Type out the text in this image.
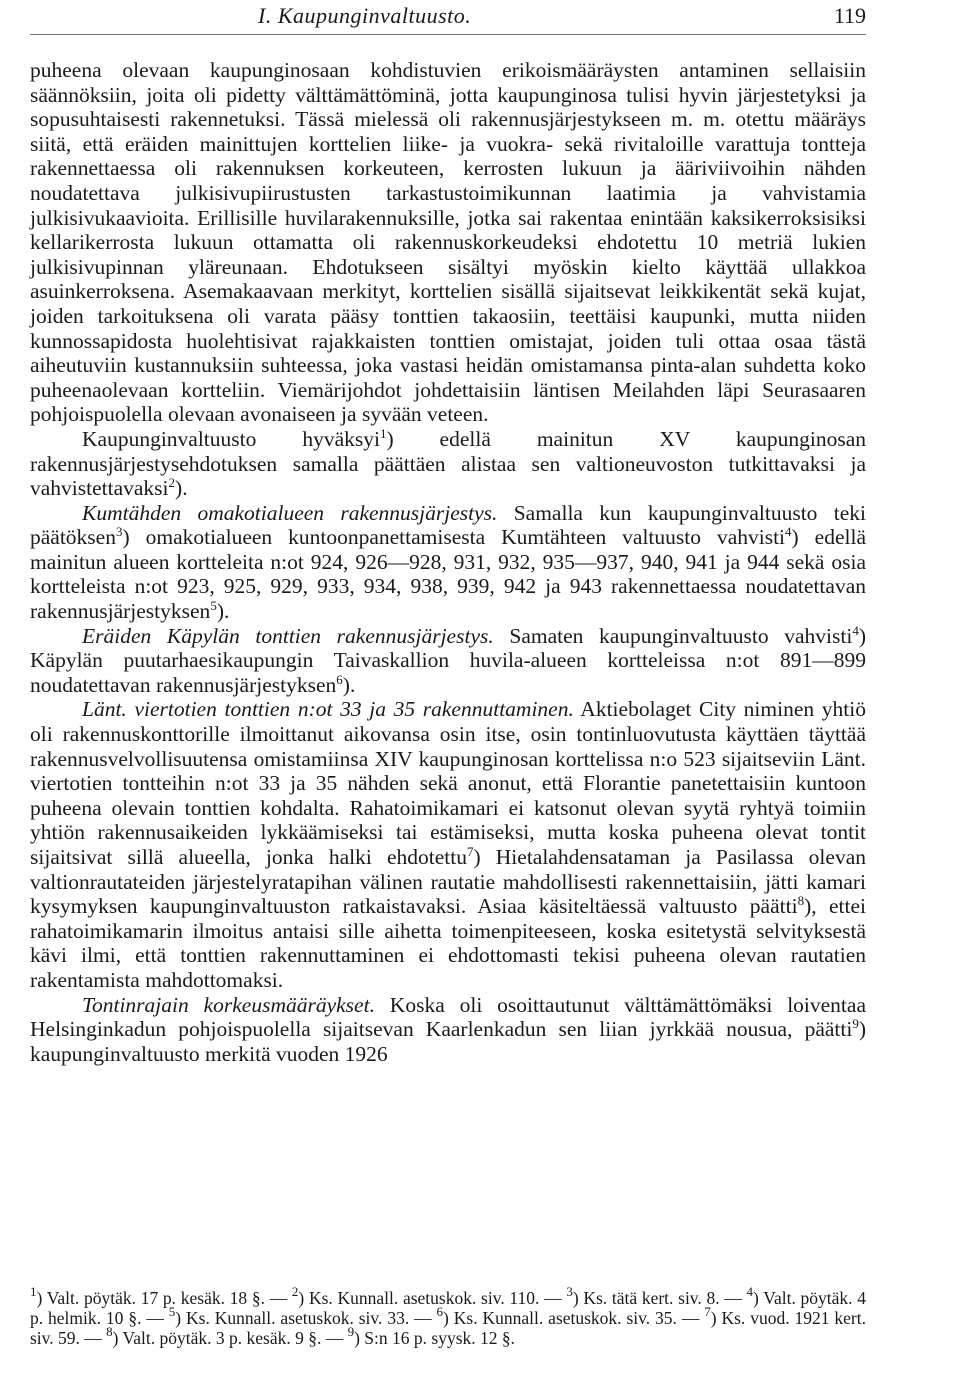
I. Kaupunginvaltuusto.	119

puheena olevaan kaupunginosaan kohdistuvien erikoismääräysten antaminen sellaisiin säännöksiin, joita oli pidetty välttämättöminä, jotta kaupunginosa tulisi hyvin järjestetyksi ja sopusuhtaisesti rakennetuksi. Tässä mielessä oli rakennusjärjestykseen m. m. otettu määräys siitä, että eräiden mainittujen korttelien liike- ja vuokra- sekä rivitaloille varattuja tontteja rakennettaessa oli rakennuksen korkeuteen, kerrosten lukuun ja ääriviivoihin nähden noudatettava julkisivupiirustusten tarkastustoimikunnan laatimia ja vahvistamia julkisivukaavioita. Erillisille huvilarakennuksille, jotka sai rakentaa enintään kaksikerroksisiksi kellarikerrosta lukuun ottamatta oli rakennuskorkeudeksi ehdotettu 10 metriä lukien julkisivupinnan yläreunaan. Ehdotukseen sisältyi myöskin kielto käyttää ullakkoa asuinkerroksena. Asemakaavaan merkityt, korttelien sisällä sijaitsevat leikkikentät sekä kujat, joiden tarkoituksena oli varata pääsy tonttien takaosiin, teettäisi kaupunki, mutta niiden kunnossapidosta huolehtisivat rajakkaisten tonttien omistajat, joiden tuli ottaa osaa tästä aiheutuviin kustannuksiin suhteessa, joka vastasi heidän omistamansa pinta-alan suhdetta koko puheenaolevaan kortteliin. Viemärijohdot johdettaisiin läntisen Meilahden läpi Seurasaaren pohjoispuolella olevaan avonaiseen ja syvään veteen.

Kaupunginvaltuusto hyväksyi$^1$) edellä mainitun XV kaupunginosan rakennusjärjestysehdotuksen samalla päättäen alistaa sen valtioneuvoston tutkittavaksi ja vahvistettavaksi$^2$).

Kumtähden omakotialueen rakennusjärjestys. Samalla kun kaupunginvaltuusto teki päätöksen$^3$) omakotialueen kuntoonpanettamisesta Kumtähteen valtuusto vahvisti$^4$) edellä mainitun alueen kortteleita n:ot 924, 926—928, 931, 932, 935—937, 940, 941 ja 944 sekä osia kortteleista n:ot 923, 925, 929, 933, 934, 938, 939, 942 ja 943 rakennettaessa noudatettavan rakennusjärjestyksen$^5$).

Eräiden Käpylän tonttien rakennusjärjestys. Samaten kaupunginvaltuusto vahvisti$^4$) Käpylän puutarhaesikaupungin Taivaskallion huvila-alueen kortteleissa n:ot 891—899 noudatettavan rakennusjärjestyksen$^6$).

Länt. viertotien tonttien n:ot 33 ja 35 rakennuttaminen. Aktiebolaget City niminen yhtiö oli rakennuskonttorille ilmoittanut aikovansa osin itse, osin tontinluovutusta käyttäen täyttää rakennusvelvollisuutensa omistamiinsa XIV kaupunginosan korttelissa n:o 523 sijaitseviin Länt. viertotien tontteihin n:ot 33 ja 35 nähden sekä anonut, että Florantie panetettaisiin kuntoon puheena olevain tonttien kohdalta. Rahatoimikamari ei katsonut olevan syytä ryhtyä toimiin yhtiön rakennusaikeiden lykkäämiseksi tai estämiseksi, mutta koska puheena olevat tontit sijaitsivat sillä alueella, jonka halki ehdotettu$^7$) Hietalahdensataman ja Pasilassa olevan valtionrautateiden järjestelyratapihan välinen rautatie mahdollisesti rakennettaisiin, jätti kamari kysymyksen kaupunginvaltuuston ratkaistavaksi. Asiaa käsiteltäessä valtuusto päätti$^8$), ettei rahatoimikamarin ilmoitus antaisi sille aihetta toimenpiteeseen, koska esitetystä selvityksestä kävi ilmi, että tonttien rakennuttaminen ei ehdottomasti tekisi puheena olevan rautatien rakentamista mahdottomaksi.

Tontinrajain korkeusmääräykset. Koska oli osoittautunut välttämättömäksi loiventaa Helsinginkadun pohjoispuolella sijaitsevan Kaarlenkadun sen liian jyrkkää nousua, päätti$^9$) kaupunginvaltuusto merkitä vuoden 1926

$^1$) Valt. pöytäk. 17 p. kesäk. 18 §. — $^2$) Ks. Kunnall. asetuskok. siv. 110. — $^3$) Ks. tätä kert. siv. 8. — $^4$) Valt. pöytäk. 4 p. helmik. 10 §. — $^5$) Ks. Kunnall. asetuskok. siv. 33. — $^6$) Ks. Kunnall. asetuskok. siv. 35. — $^7$) Ks. vuod. 1921 kert. siv. 59. — $^8$) Valt. pöytäk. 3 p. kesäk. 9 §. — $^9$) S:n 16 p. syysk. 12 §.
